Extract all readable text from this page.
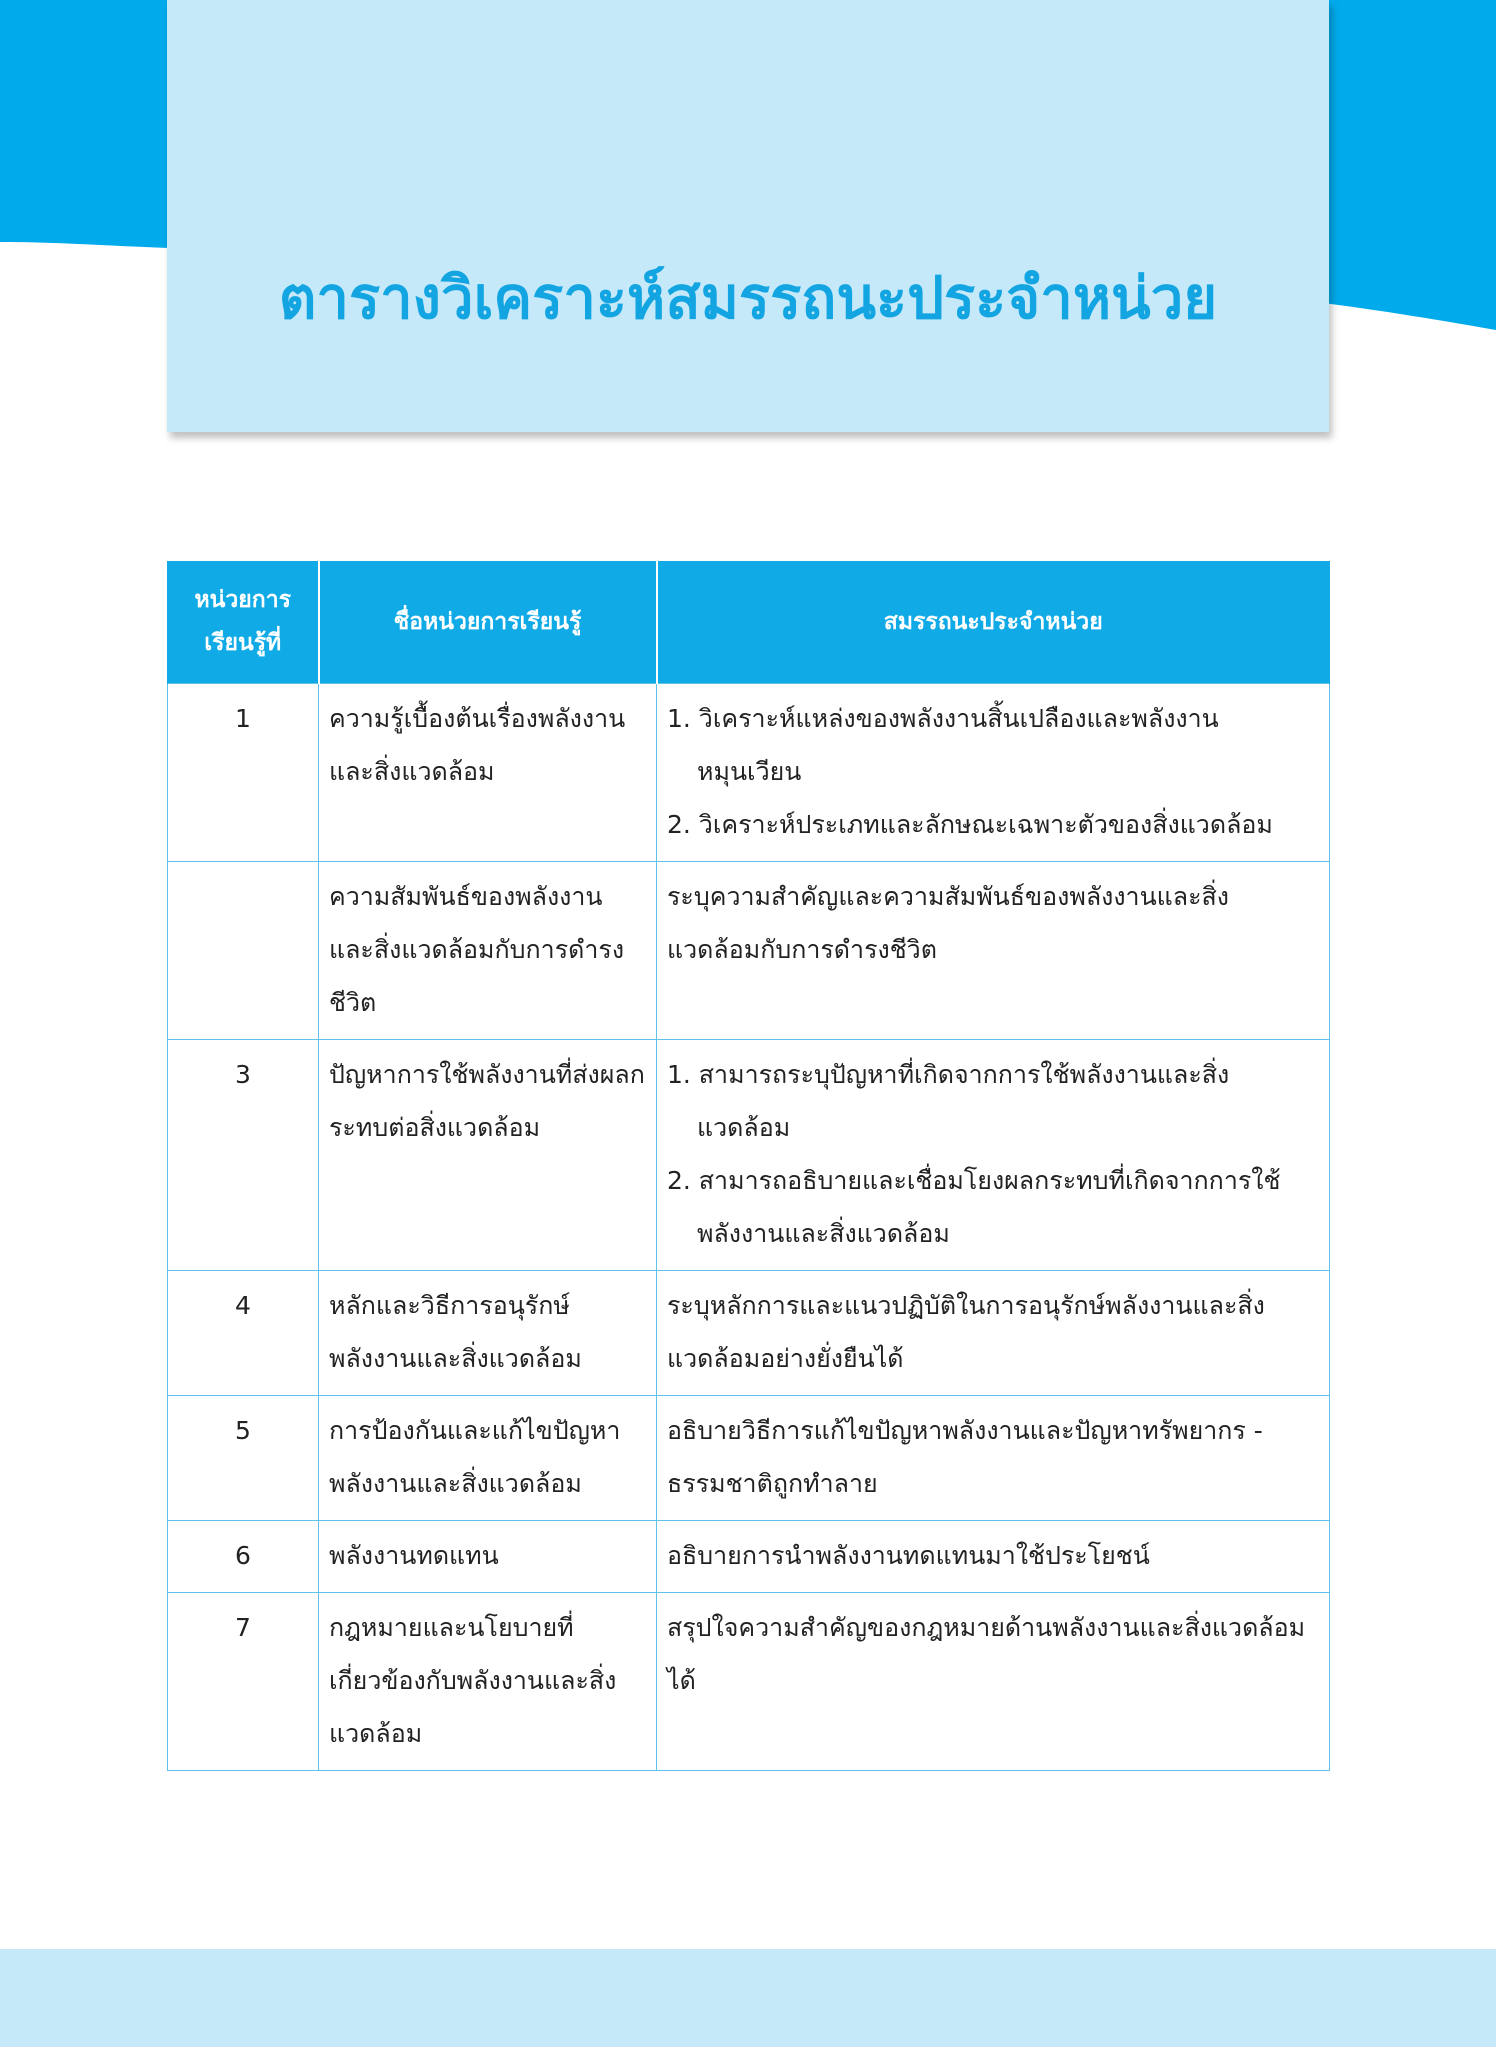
ตารางวิเคราะห์สมรรถนะประจำหน่วย
หน่วยการเรียนรู้ที่	ชื่อหน่วยการเรียนรู้	สมรรถนะประจำหน่วย
1	ความรู้เบื้องต้นเรื่องพลังงานและสิ่งแวดล้อม	1. วิเคราะห์แหล่งของพลังงานสิ้นเปลืองและพลังงานหมุนเวียน
2. วิเคราะห์ประเภทและลักษณะเฉพาะตัวของสิ่งแวดล้อม

	ความสัมพันธ์ของพลังงานและสิ่งแวดล้อมกับการดำรงชีวิต	ระบุความสำคัญและความสัมพันธ์ของพลังงานและสิ่งแวดล้อมกับการดำรงชีวิต

3	ปัญหาการใช้พลังงานที่ส่งผลกระทบต่อสิ่งแวดล้อม	1. สามารถระบุปัญหาที่เกิดจากการใช้พลังงานและสิ่งแวดล้อม
2. สามารถอธิบายและเชื่อมโยงผลกระทบที่เกิดจากการใช้พลังงานและสิ่งแวดล้อม

4	หลักและวิธีการอนุรักษ์พลังงานและสิ่งแวดล้อม	ระบุหลักการและแนวปฏิบัติในการอนุรักษ์พลังงานและสิ่งแวดล้อมอย่างยั่งยืนได้

5	การป้องกันและแก้ไขปัญหาพลังงานและสิ่งแวดล้อม	อธิบายวิธีการแก้ไขปัญหาพลังงานและปัญหาทรัพยากร - ธรรมชาติถูกทำลาย

6	พลังงานทดแทน	อธิบายการนำพลังงานทดแทนมาใช้ประโยชน์

7	กฎหมายและนโยบายที่เกี่ยวข้องกับพลังงานและสิ่งแวดล้อม	สรุปใจความสำคัญของกฎหมายด้านพลังงานและสิ่งแวดล้อมได้
